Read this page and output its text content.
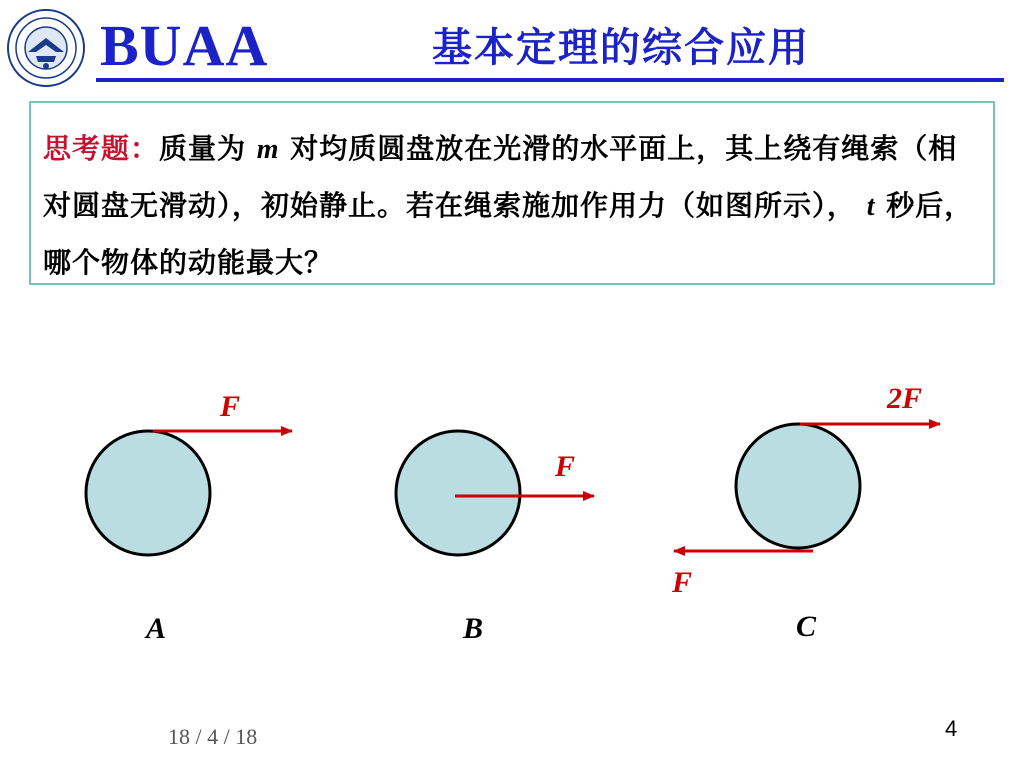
BUAA	基本定理的综合应用
思考题：质量为 m 对均质圆盘放在光滑的水平面上，其上绕有绳索（相对圆盘无滑动），初始静止。若在绳索施加作用力（如图所示）， t 秒后， 哪个物体的动能最大？
F
A
F
B
2F
F
C
18 / 4 / 18	4
